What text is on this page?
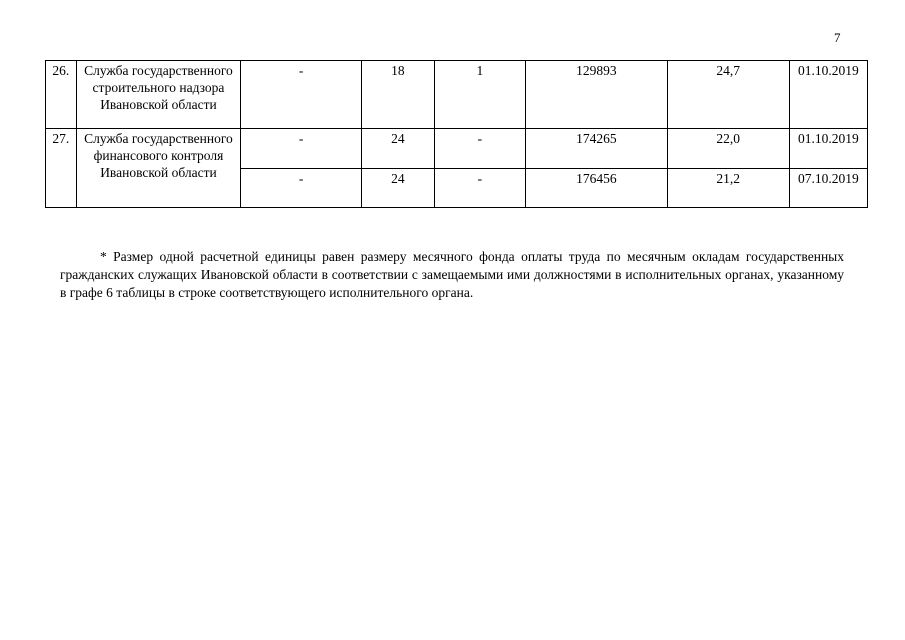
7
26.	Служба государственного строительного надзора Ивановской области	-	18	1	129893	24,7	01.10.2019
27.	Служба государственного финансового контроля Ивановской области	-	24	-	174265	22,0	01.10.2019
		-	24	-	176456	21,2	07.10.2019

* Размер одной расчетной единицы равен размеру месячного фонда оплаты труда по месячным окладам государственных гражданских служащих Ивановской области в соответствии с замещаемыми ими должностями в исполнительных органах, указанному в графе 6 таблицы в строке соответствующего исполнительного органа.
